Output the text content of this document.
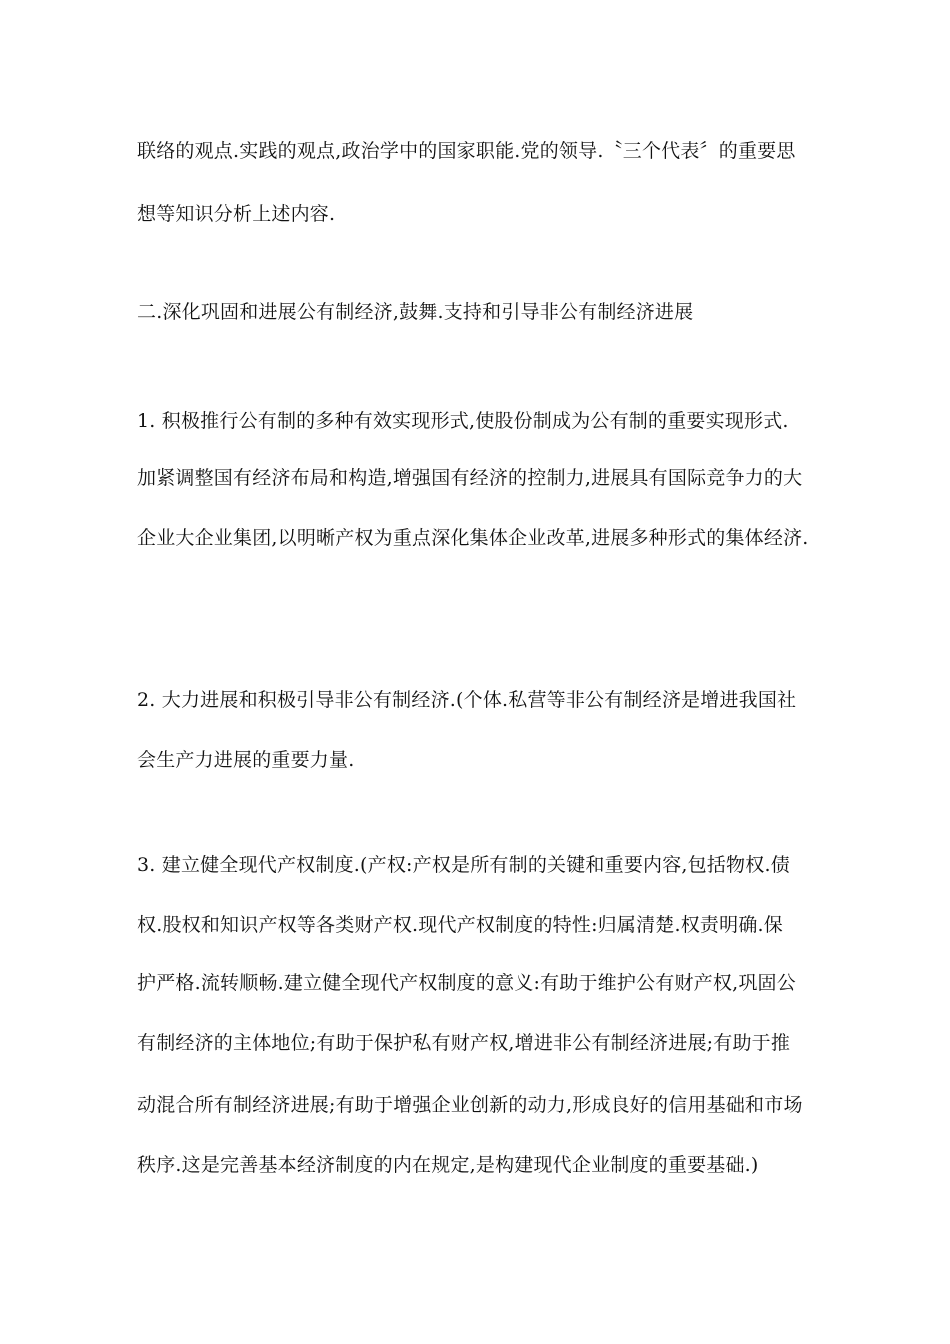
联络的观点.实践的观点,政治学中的国家职能.党的领导.〝三个代表〞的重要思
想等知识分析上述内容.
二.深化巩固和进展公有制经济,鼓舞.支持和引导非公有制经济进展
1. 积极推行公有制的多种有效实现形式,使股份制成为公有制的重要实现形式.
加紧调整国有经济布局和构造,增强国有经济的控制力,进展具有国际竞争力的大
企业大企业集团,以明晰产权为重点深化集体企业改革,进展多种形式的集体经济.
2. 大力进展和积极引导非公有制经济.(个体.私营等非公有制经济是增进我国社
会生产力进展的重要力量.
3. 建立健全现代产权制度.(产权:产权是所有制的关键和重要内容,包括物权.债
权.股权和知识产权等各类财产权.现代产权制度的特性:归属清楚.权责明确.保
护严格.流转顺畅.建立健全现代产权制度的意义:有助于维护公有财产权,巩固公
有制经济的主体地位;有助于保护私有财产权,增进非公有制经济进展;有助于推
动混合所有制经济进展;有助于增强企业创新的动力,形成良好的信用基础和市场
秩序.这是完善基本经济制度的内在规定,是构建现代企业制度的重要基础.)
